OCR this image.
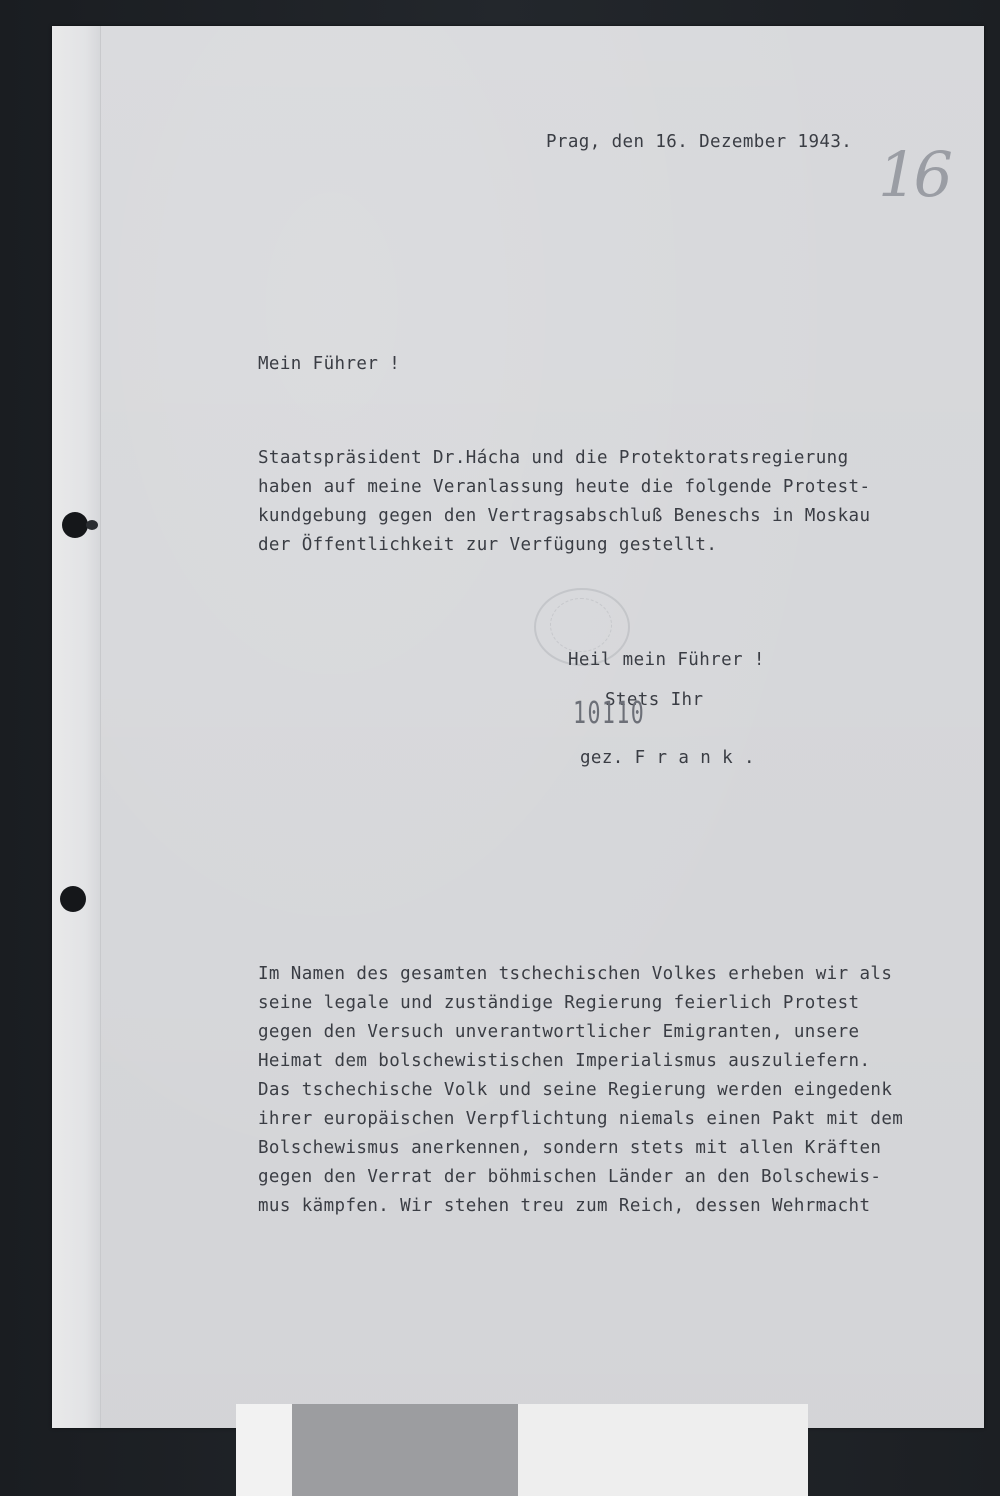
Prag, den 16. Dezember 1943. 16
Mein Führer !
Staatspräsident Dr.Hácha und die Protektoratsregierung
haben auf meine Veranlassung heute die folgende Protest-
kundgebung gegen den Vertragsabschluß Beneschs in Moskau
der Öffentlichkeit zur Verfügung gestellt.
Heil mein Führer !
Stets Ihr
10110
gez. F r a n k .
Im Namen des gesamten tschechischen Volkes erheben wir als
seine legale und zuständige Regierung feierlich Protest
gegen den Versuch unverantwortlicher Emigranten, unsere
Heimat dem bolschewistischen Imperialismus auszuliefern.
Das tschechische Volk und seine Regierung werden eingedenk
ihrer europäischen Verpflichtung niemals einen Pakt mit dem
Bolschewismus anerkennen, sondern stets mit allen Kräften
gegen den Verrat der böhmischen Länder an den Bolschewis-
mus kämpfen. Wir stehen treu zum Reich, dessen Wehrmacht
